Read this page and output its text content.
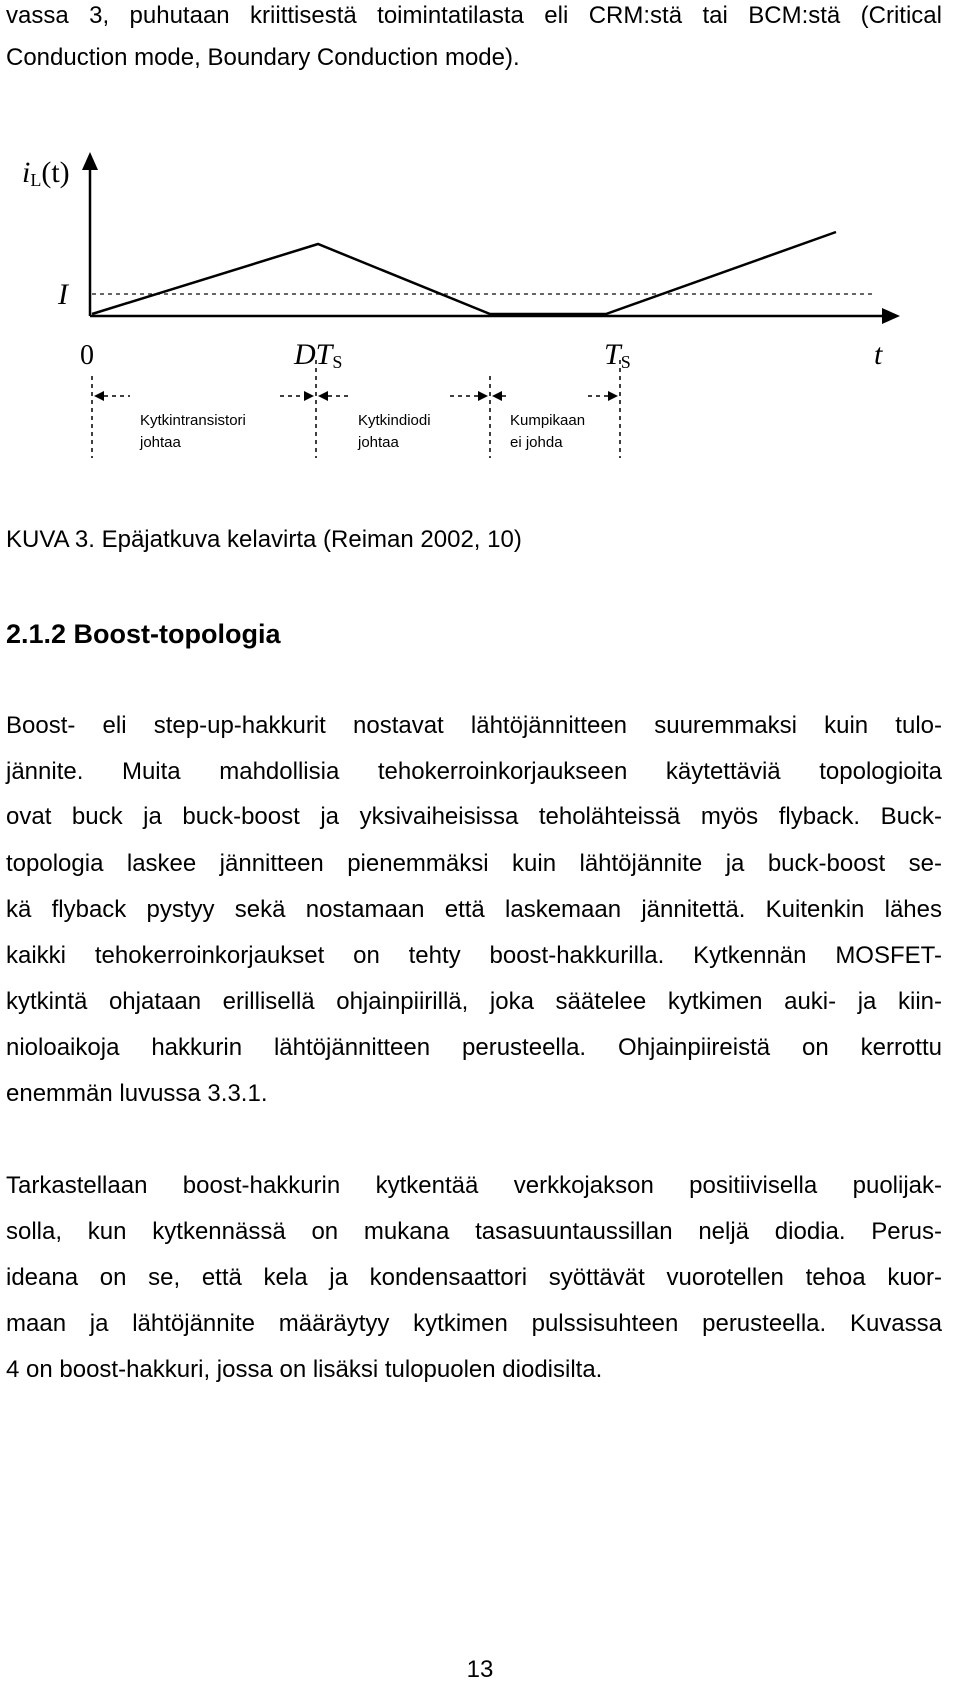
vassa 3, puhutaan kriittisestä toimintatilasta eli CRM:stä tai BCM:stä (Critical
Conduction mode, Boundary Conduction mode).
iL(t)
I
0	DTS	TS	t
Kytkintransistori
johtaa
Kytkindiodi
johtaa
Kumpikaan
ei johda
KUVA 3. Epäjatkuva kelavirta (Reiman 2002, 10)
2.1.2 Boost-topologia
Boost- eli step-up-hakkurit nostavat lähtöjännitteen suuremmaksi kuin tulo-
jännite. Muita mahdollisia tehokerroinkorjaukseen käytettäviä topologioita
ovat buck ja buck-boost ja yksivaiheisissa teholähteissä myös flyback. Buck-
topologia laskee jännitteen pienemmäksi kuin lähtöjännite ja buck-boost se-
kä flyback pystyy sekä nostamaan että laskemaan jännitettä. Kuitenkin lähes
kaikki tehokerroinkorjaukset on tehty boost-hakkurilla. Kytkennän MOSFET-
kytkintä ohjataan erillisellä ohjainpiirillä, joka säätelee kytkimen auki- ja kiin-
nioloaikoja hakkurin lähtöjännitteen perusteella. Ohjainpiireistä on kerrottu
enemmän luvussa 3.3.1.
Tarkastellaan boost-hakkurin kytkentää verkkojakson positiivisella puolijak-
solla, kun kytkennässä on mukana tasasuuntaussillan neljä diodia. Perus-
ideana on se, että kela ja kondensaattori syöttävät vuorotellen tehoa kuor-
maan ja lähtöjännite määräytyy kytkimen pulssisuhteen perusteella. Kuvassa
4 on boost-hakkuri, jossa on lisäksi tulopuolen diodisilta.
13
